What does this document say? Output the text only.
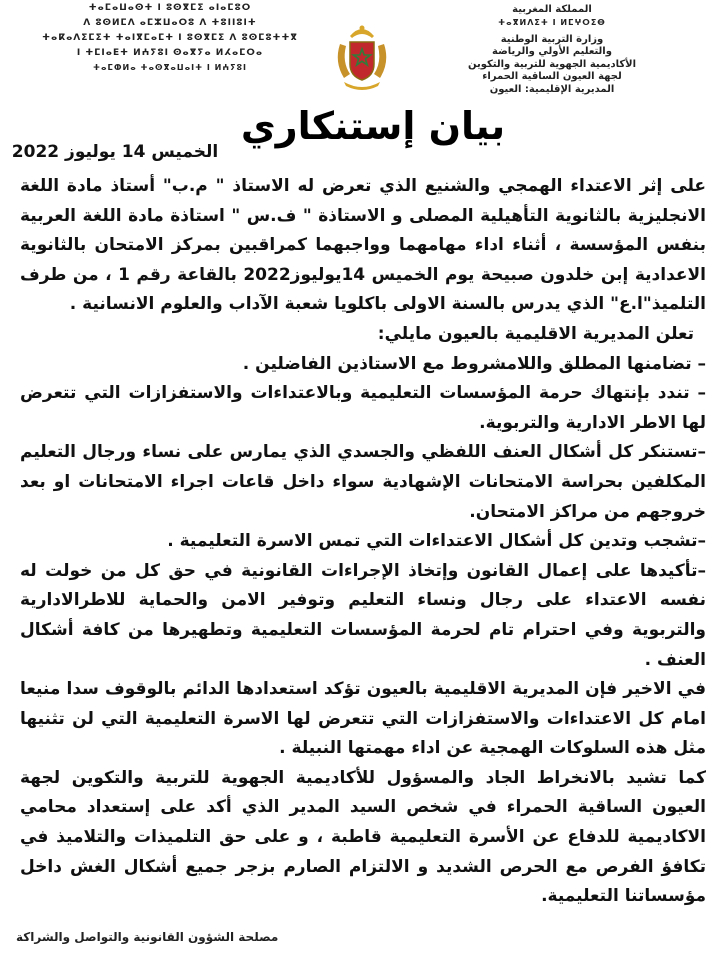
ⵜⴰⵎⴰⵡⴰⵙⵜ ⵏ ⵓⵙⴳⵎⵉ ⴰⵏⴰⵎⵓⵔ
ⴷ ⵓⵙⵍⵎⴷ ⴰⵎⵣⵡⴰⵔⵓ ⴷ ⵜⵓⵏⵏⵓⵏⵜ
ⵜⴰⴽⴰⴷⵉⵎⵉⵜ ⵜⴰⵏⴳⵎⴰⵎⵜ ⵏ ⵓⵙⴳⵎⵉ ⴷ ⵓⵙⵎⵓⵜⵜⴳ
ⵏ ⵜⵎⵏⴰⴹⵜ ⵍⵄⵢⵓⵏ ⵙⴰⴳⵢⴰ ⵍⵃⴰⵎⵔⴰ
ⵜⴰⵎⵀⵍⴰ ⵜⴰⵙⴳⴰⵡⴰⵏⵜ ⵏ ⵍⵄⵢⵓⵏ
المملكة المغربية
ⵜⴰⴳⵍⴷⵉⵜ ⵏ ⵍⵎⵖⵔⵉⴱ
وزارة التربية الوطنية
والتعليم الأولي والرياضة
الأكاديمية الجهوية للتربية والتكوين
لجهة العيون الساقية الحمراء
المديرية الإقليمية: العيون
بيان إستنكاري
الخميس 14 يوليوز 2022

على إثر الاعتداء الهمجي والشنيع الذي تعرض له الاستاذ " م.ب" أستاذ مادة اللغة الانجليزية بالثانوية التأهيلية المصلى و الاستاذة " ف.س " استاذة مادة اللغة العربية بنفس المؤسسة ، أثناء اداء مهامهما وواجبهما كمراقبين بمركز الامتحان بالثانوية الاعدادية إبن خلدون صبيحة يوم الخميس 14يوليوز2022 بالقاعة رقم 1 ، من طرف التلميذ"ا.ع" الذي يدرس بالسنة الاولى باكلويا شعبة الآداب والعلوم الانسانية .

تعلن المديرية الاقليمية بالعيون مايلي:

– تضامنها المطلق واللامشروط مع الاستاذين الفاضلين .

– تندد بإنتهاك حرمة المؤسسات التعليمية وبالاعتداءات والاستفزازات التي تتعرض لها الاطر الادارية والتربوية.

–تستنكر كل أشكال العنف اللفظي والجسدي الذي يمارس على نساء ورجال التعليم المكلفين بحراسة الامتحانات الإشهادية سواء داخل قاعات اجراء الامتحانات او بعد خروجهم من مراكز الامتحان.

–تشجب وتدين كل أشكال الاعتداءات التي تمس الاسرة التعليمية .

–تأكيدها على إعمال القانون وإتخاذ الإجراءات القانونية في حق كل من خولت له نفسه الاعتداء على رجال ونساء التعليم وتوفير الامن والحماية للاطرالادارية والتربوية وفي احترام تام لحرمة المؤسسات التعليمية وتطهيرها من كافة أشكال العنف .

في الاخير فإن المديرية الاقليمية بالعيون تؤكد استعدادها الدائم بالوقوف سدا منيعا امام كل الاعتداءات والاستفزازات التي تتعرض لها الاسرة التعليمية التي لن تثنيها مثل هذه السلوكات الهمجية عن اداء مهمتها النبيلة .

كما تشيد بالانخراط الجاد والمسؤول للأكاديمية الجهوية للتربية والتكوين لجهة العيون الساقية الحمراء في شخص السيد المدير الذي أكد على إستعداد محامي الاكاديمية للدفاع عن الأسرة التعليمية قاطبة ، و على حق التلميذات والتلاميذ في تكافؤ الفرص مع الحرص الشديد و الالتزام الصارم بزجر جميع أشكال الغش داخل مؤسساتنا التعليمية.

مصلحة الشؤون القانونية والتواصل والشراكة
